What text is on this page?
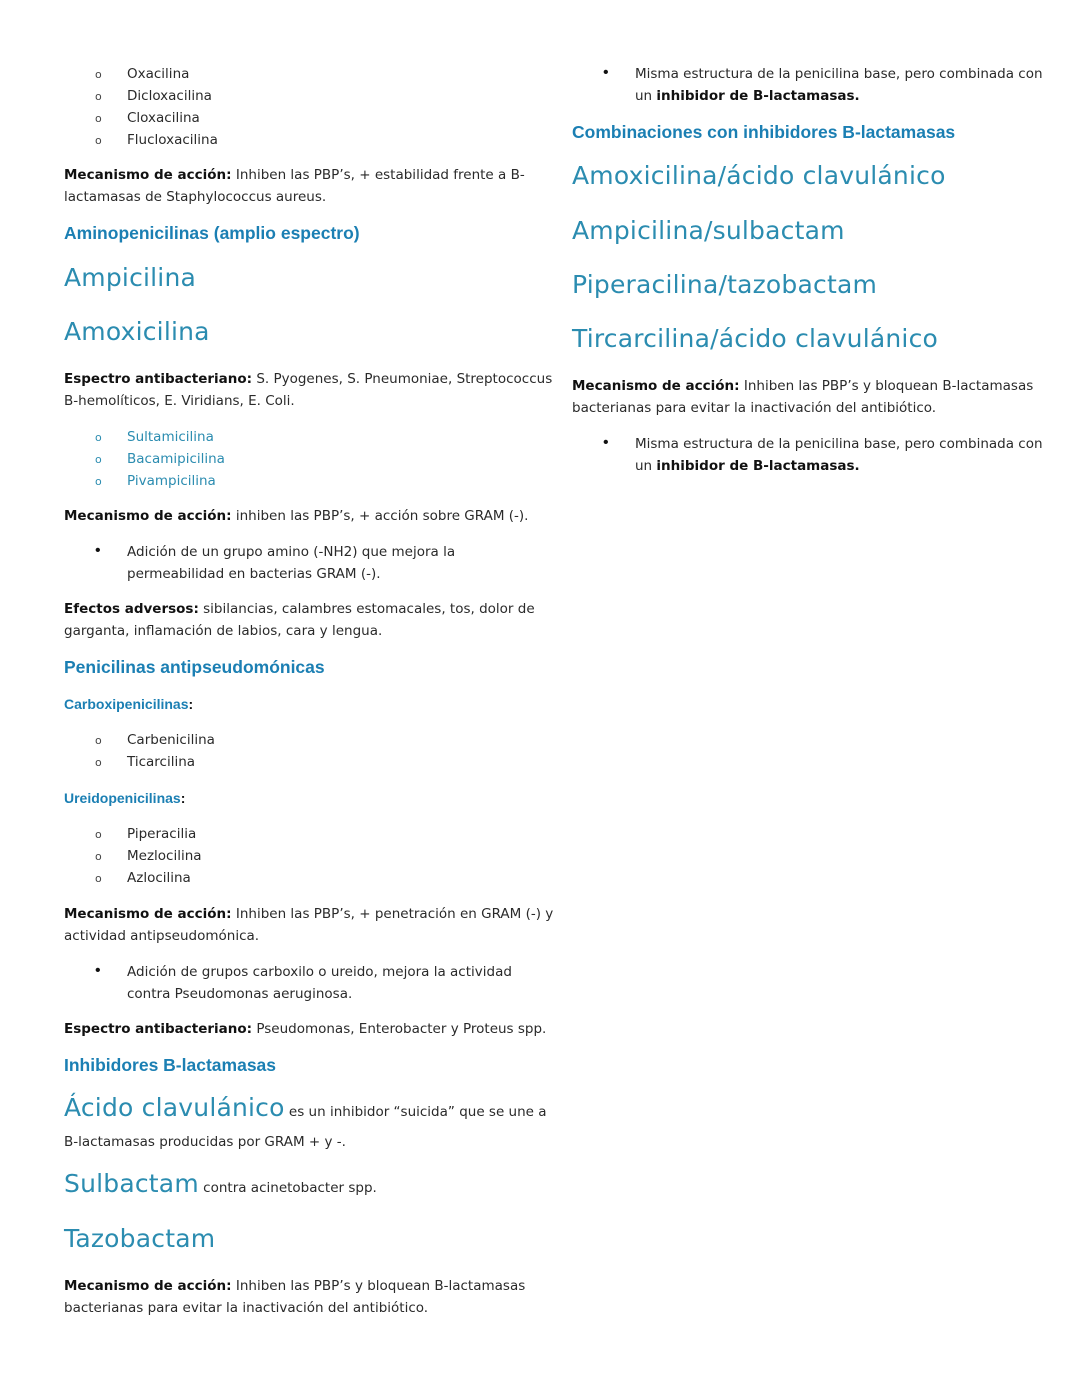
o Oxacilina
o Dicloxacilina
o Cloxacilina
o Flucloxacilina
Mecanismo de acción: Inhiben las PBP’s, + estabilidad frente a B-
lactamasas de Staphylococcus aureus.
Aminopenicilinas (amplio espectro)
Ampicilina
Amoxicilina
Espectro antibacteriano: S. Pyogenes, S. Pneumoniae, Streptococcus
B-hemolíticos, E. Viridians, E. Coli.
o Sultamicilina
o Bacamipicilina
o Pivampicilina
Mecanismo de acción: inhiben las PBP’s, + acción sobre GRAM (-).
• Adición de un grupo amino (-NH2) que mejora la
permeabilidad en bacterias GRAM (-).
Efectos adversos: sibilancias, calambres estomacales, tos, dolor de
garganta, inflamación de labios, cara y lengua.
Penicilinas antipseudomónicas
Carboxipenicilinas:
o Carbenicilina
o Ticarcilina
Ureidopenicilinas:
o Piperacilia
o Mezlocilina
o Azlocilina
Mecanismo de acción: Inhiben las PBP’s, + penetración en GRAM (-) y
actividad antipseudomónica.
• Adición de grupos carboxilo o ureido, mejora la actividad
contra Pseudomonas aeruginosa.
Espectro antibacteriano: Pseudomonas, Enterobacter y Proteus spp.
Inhibidores B-lactamasas
Ácido clavulánico es un inhibidor “suicida” que se une a
B-lactamasas producidas por GRAM + y -.
Sulbactam contra acinetobacter spp.
Tazobactam
Mecanismo de acción: Inhiben las PBP’s y bloquean B-lactamasas
bacterianas para evitar la inactivación del antibiótico.
• Misma estructura de la penicilina base, pero combinada con
un inhibidor de B-lactamasas.
Combinaciones con inhibidores B-lactamasas
Amoxicilina/ácido clavulánico
Ampicilina/sulbactam
Piperacilina/tazobactam
Tircarcilina/ácido clavulánico
Mecanismo de acción: Inhiben las PBP’s y bloquean B-lactamasas
bacterianas para evitar la inactivación del antibiótico.
• Misma estructura de la penicilina base, pero combinada con
un inhibidor de B-lactamasas.
